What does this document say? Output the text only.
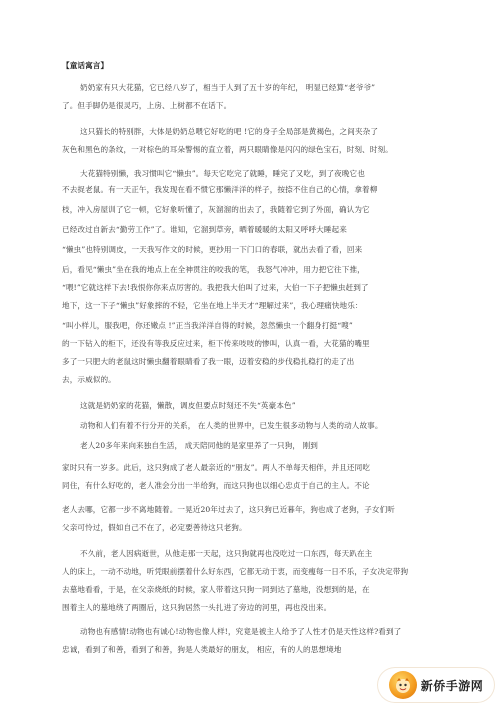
【童话寓言】
奶奶家有只大花猫，它已经八岁了，相当于人到了五十岁的年纪， 明显已经算“老爷爷”
了。但手脚仍是很灵巧，上房、上树都不在话下。
这只猫长的特别胖，大体是奶奶总喂它好吃的吧 !它的身子全局部是黄褐色，之间夹杂了
灰色和黑色的条纹，一对棕色的耳朵警惕的直立着，两只眼睛像是闪闪的绿色宝石，时刻、时刻。
大花猫特别懒，我习惯叫它“懒虫”。每天它吃完了就睡，睡完了又吃，到了夜晚它也
不去捉老鼠。有一天正午，我发现在看不惯它那懒洋洋的样子，按捺不住自己的心情，拿着柳
枝，冲入房屋训了它一顿，它好象听懂了，灰溜溜的出去了，我随着它到了外面，确认为它
已经改过自新去“勤劳工作”了。谁知，它溜到草旁，晒着暖暖的太阳又呼呼大睡起来
“懒虫”也特别调皮，一天我写作文的时候，更抄用一下门口的春联，就出去看了看，回来
后，看见“懒虫”坐在我的地点上在全神贯注的咬我的笔， 我怒气冲冲，用力把它往下推，
“喂!”它就这样下去!我恨你你来点厉害的。我把我大伯叫了过来，大伯一下子把懒虫赶到了
地下，这一下子“懒虫”好象摔的不轻，它坐在地上半天才“理解过来”，我心理痛快地乐：
“叫小样儿，服我吧，你还嫩点 !”正当我洋洋自得的时候，忽然懒虫一个翻身打挺“嗖”
的一下钻入的柜下，还没有等我反应过来，柜下传来吱吱的惨叫，认真一看，大花猫的嘴里
多了一只肥大的老鼠这时懒虫翻着眼睛看了我一眼，迈着安稳的步伐稳扎稳打的走了出
去，示威似的。
这就是奶奶家的花猫，懒散，调皮但要点时刻还不失“英豪本色”
动物和人们有着不行分开的关系， 在人类的世界中，已发生很多动物与人类的动人故事。
老人20多年来向来独自生活， 成天陪同他的是家里养了一只狗， 刚到
家时只有一岁多。此后，这只狗成了老人最亲近的“朋友”。两人不单每天相伴，并且还同吃
同住，有什么好吃的，老人准会分出一半给狗，而这只狗也以细心忠贞于自己的主人。不论
老人去哪，它都一步不离地随着。一晃近20年过去了，这只狗已近暮年，狗也成了老狗，子女们听
父亲可怜过，假如自己不在了，必定要善待这只老狗。
不久前，老人因病逝世，从他走那一天起，这只狗就再也没吃过一口东西，每天趴在主
人的床上，一动不动地，听凭眼前摆着什么好东西，它都无动于衷，而变瘦每一日不乐，子女决定带狗
去墓地看看，于是，在父亲烧纸的时候，家人带着这只狗一同到达了墓地，没想到的是，在
围着主人的墓地绕了两圈后，这只狗居然一头扎进了旁边的河里，再也没出来。
动物也有感情!动物也有诚心!动物也像人样!，究竟是被主人给予了人性才仍是天性这样?看到了
忠诚，看到了和善，看到了和善，狗是人类最好的朋友， 相应，有的人的思想境地
新侨手游网
